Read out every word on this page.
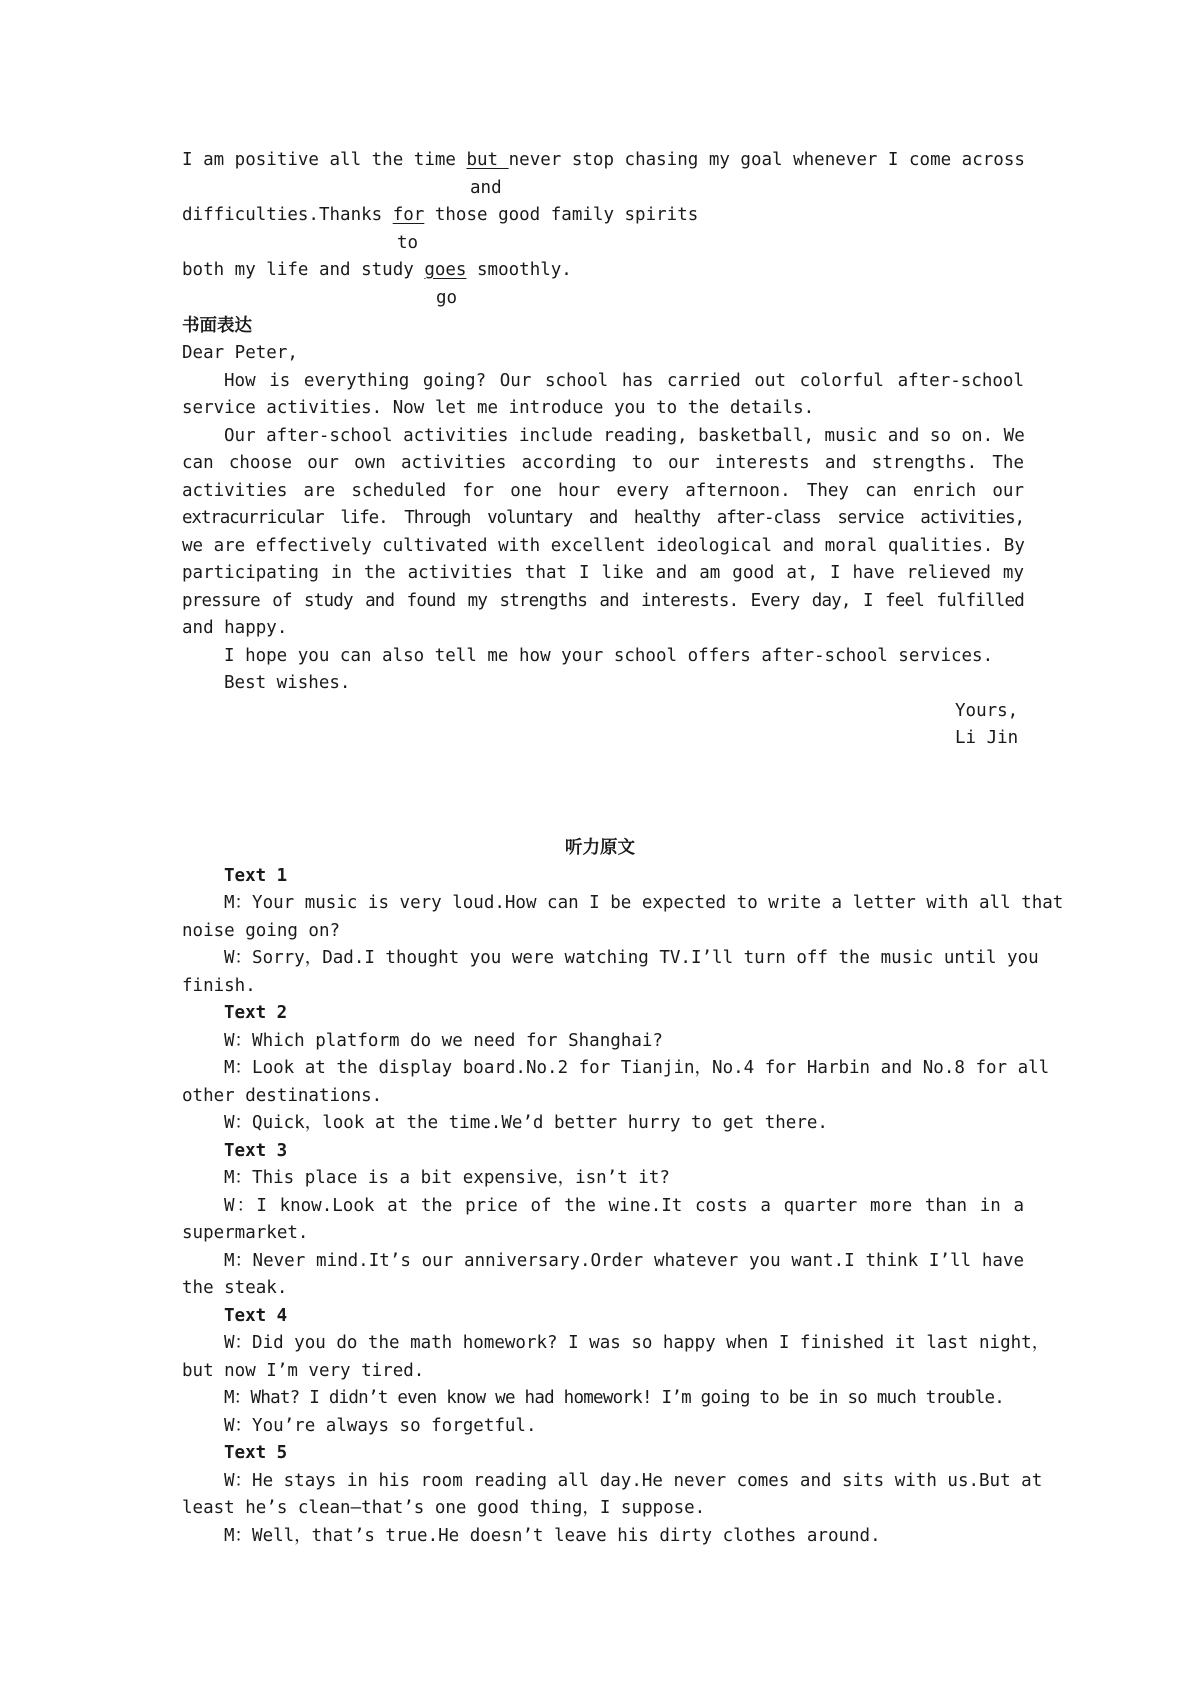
I am positive all the time but never stop chasing my goal whenever I come across
and
difficulties.Thanks for those good family spirits
to
both my life and study goes smoothly.
go
书面表达
Dear Peter,
How is everything going? Our school has carried out colorful after-school
service activities. Now let me introduce you to the details.
Our after-school activities include reading, basketball, music and so on. We
can choose our own activities according to our interests and strengths. The
activities are scheduled for one hour every afternoon. They can enrich our
extracurricular life. Through voluntary and healthy after-class service activities,
we are effectively cultivated with excellent ideological and moral qualities. By
participating in the activities that I like and am good at, I have relieved my
pressure of study and found my strengths and interests. Every day, I feel fulfilled
and happy.
I hope you can also tell me how your school offers after-school services.
Best wishes.
Yours,
Li Jin
听力原文
Text 1
M：Your music is very loud.How can I be expected to write a letter with all that
noise going on?
W：Sorry，Dad.I thought you were watching TV.I’ll turn off the music until you
finish.
Text 2
W：Which platform do we need for Shanghai?
M：Look at the display board.No.2 for Tianjin，No.4 for Harbin and No.8 for all
other destinations.
W：Quick，look at the time.We’d better hurry to get there.
Text 3
M：This place is a bit expensive，isn’t it?
W：I know.Look at the price of the wine.It costs a quarter more than in a
supermarket.
M：Never mind.It’s our anniversary.Order whatever you want.I think I’ll have
the steak.
Text 4
W：Did you do the math homework? I was so happy when I finished it last night，
but now I’m very tired.
M：What? I didn’t even know we had homework! I’m going to be in so much trouble.
W：You’re always so forgetful.
Text 5
W：He stays in his room reading all day.He never comes and sits with us.But at
least he’s clean—that’s one good thing，I suppose.
M：Well，that’s true.He doesn’t leave his dirty clothes around.
